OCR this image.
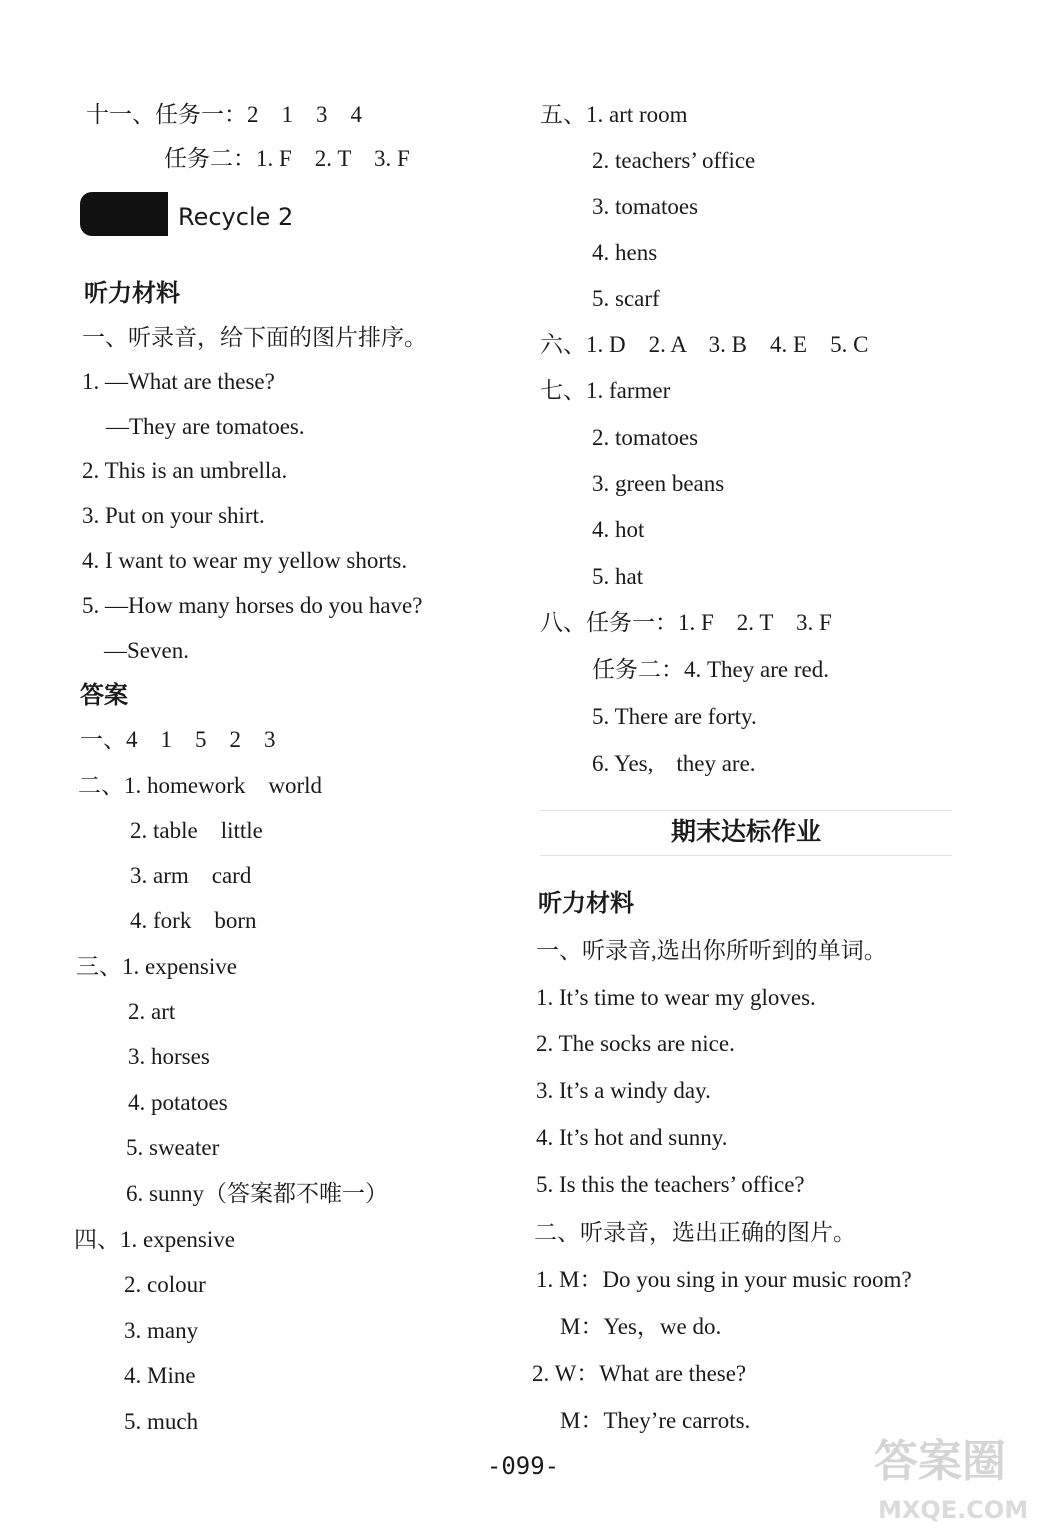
十一、任务一：2　1　3　4
任务二：1. F　2. T　3. F
Recycle 2
听力材料
一、听录音，给下面的图片排序。
1. —What are these?
—They are tomatoes.
2. This is an umbrella.
3. Put on your shirt.
4. I want to wear my yellow shorts.
5. —How many horses do you have?
—Seven.
答案
一、4　1　5　2　3
二、1. homework　world
2. table　little
3. arm　card
4. fork　born
三、1. expensive
2. art
3. horses
4. potatoes
5. sweater
6. sunny（答案都不唯一）
四、1. expensive
2. colour
3. many
4. Mine
5. much
五、1. art room
2. teachers’ office
3. tomatoes
4. hens
5. scarf
六、1. D　2. A　3. B　4. E　5. C
七、1. farmer
2. tomatoes
3. green beans
4. hot
5. hat
八、任务一：1. F　2. T　3. F
任务二：4. They are red.
5. There are forty.
6. Yes,　they are.
期末达标作业
听力材料
一、听录音,选出你所听到的单词。
1. It’s time to wear my gloves.
2. The socks are nice.
3. It’s a windy day.
4. It’s hot and sunny.
5. Is this the teachers’ office?
二、听录音，选出正确的图片。
1. M：Do you sing in your music room?
M：Yes，we do.
2. W：What are these?
M：They’re carrots.
-099-	答案圈
MXQE.COM
